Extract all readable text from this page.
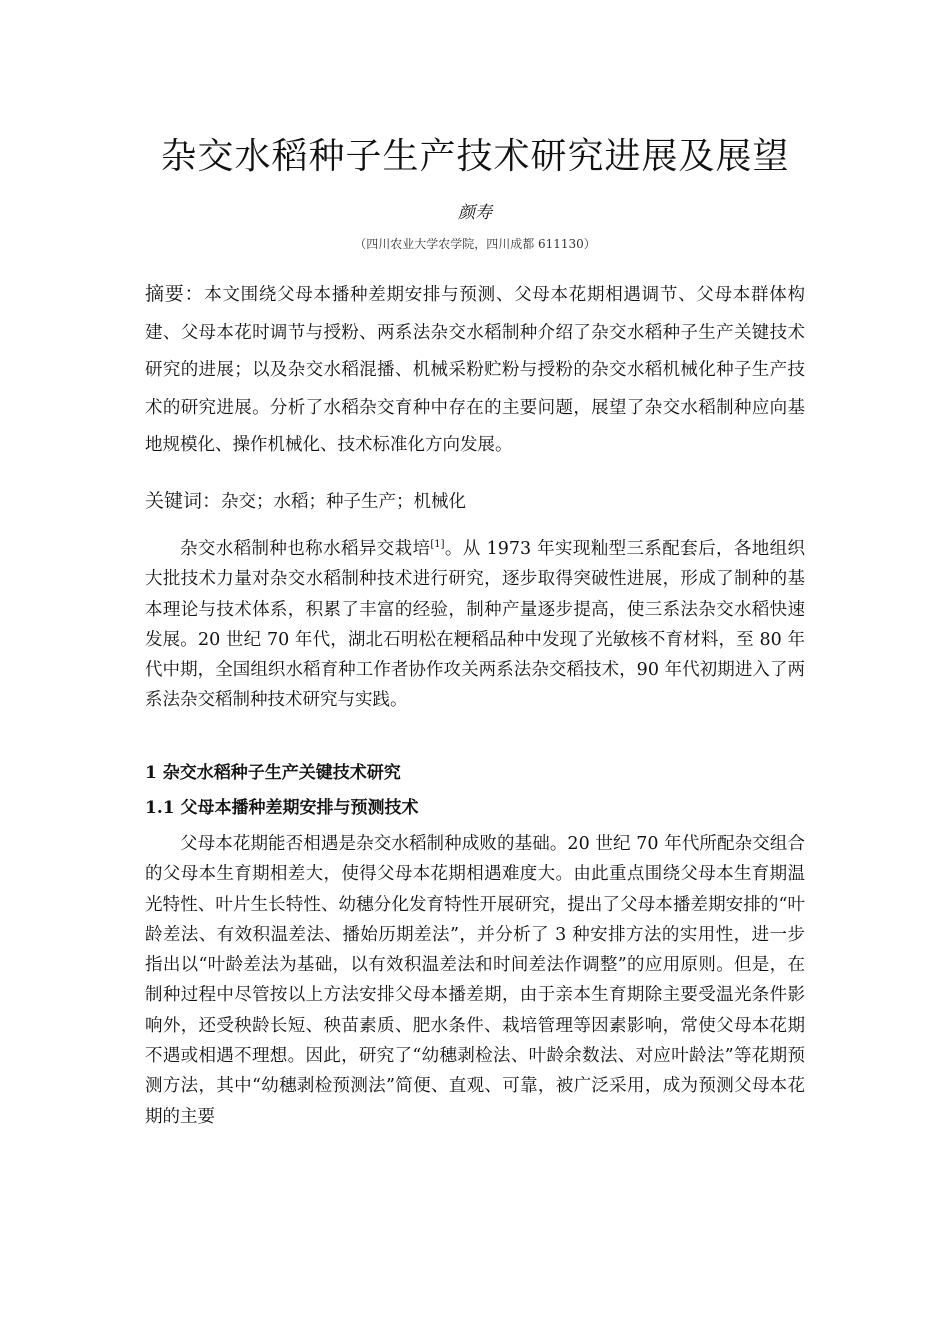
杂交水稻种子生产技术研究进展及展望
颜寿
（四川农业大学农学院，四川成都 611130）
摘要：本文围绕父母本播种差期安排与预测、父母本花期相遇调节、父母本群体构建、父母本花时调节与授粉、两系法杂交水稻制种介绍了杂交水稻种子生产关键技术研究的进展；以及杂交水稻混播、机械采粉贮粉与授粉的杂交水稻机械化种子生产技术的研究进展。分析了水稻杂交育种中存在的主要问题，展望了杂交水稻制种应向基地规模化、操作机械化、技术标准化方向发展。
关键词：杂交；水稻；种子生产；机械化
杂交水稻制种也称水稻异交栽培[1]。从 1973 年实现籼型三系配套后，各地组织大批技术力量对杂交水稻制种技术进行研究，逐步取得突破性进展，形成了制种的基本理论与技术体系，积累了丰富的经验，制种产量逐步提高，使三系法杂交水稻快速发展。20 世纪 70 年代，湖北石明松在粳稻品种中发现了光敏核不育材料，至 80 年代中期，全国组织水稻育种工作者协作攻关两系法杂交稻技术，90 年代初期进入了两系法杂交稻制种技术研究与实践。
1 杂交水稻种子生产关键技术研究
1.1 父母本播种差期安排与预测技术
父母本花期能否相遇是杂交水稻制种成败的基础。20 世纪 70 年代所配杂交组合的父母本生育期相差大，使得父母本花期相遇难度大。由此重点围绕父母本生育期温光特性、叶片生长特性、幼穗分化发育特性开展研究，提出了父母本播差期安排的“叶龄差法、有效积温差法、播始历期差法”，并分析了 3 种安排方法的实用性，进一步指出以“叶龄差法为基础，以有效积温差法和时间差法作调整”的应用原则。但是，在制种过程中尽管按以上方法安排父母本播差期，由于亲本生育期除主要受温光条件影响外，还受秧龄长短、秧苗素质、肥水条件、栽培管理等因素影响，常使父母本花期不遇或相遇不理想。因此，研究了“幼穗剥检法、叶龄余数法、对应叶龄法”等花期预测方法，其中“幼穗剥检预测法”简便、直观、可靠，被广泛采用，成为预测父母本花期的主要
